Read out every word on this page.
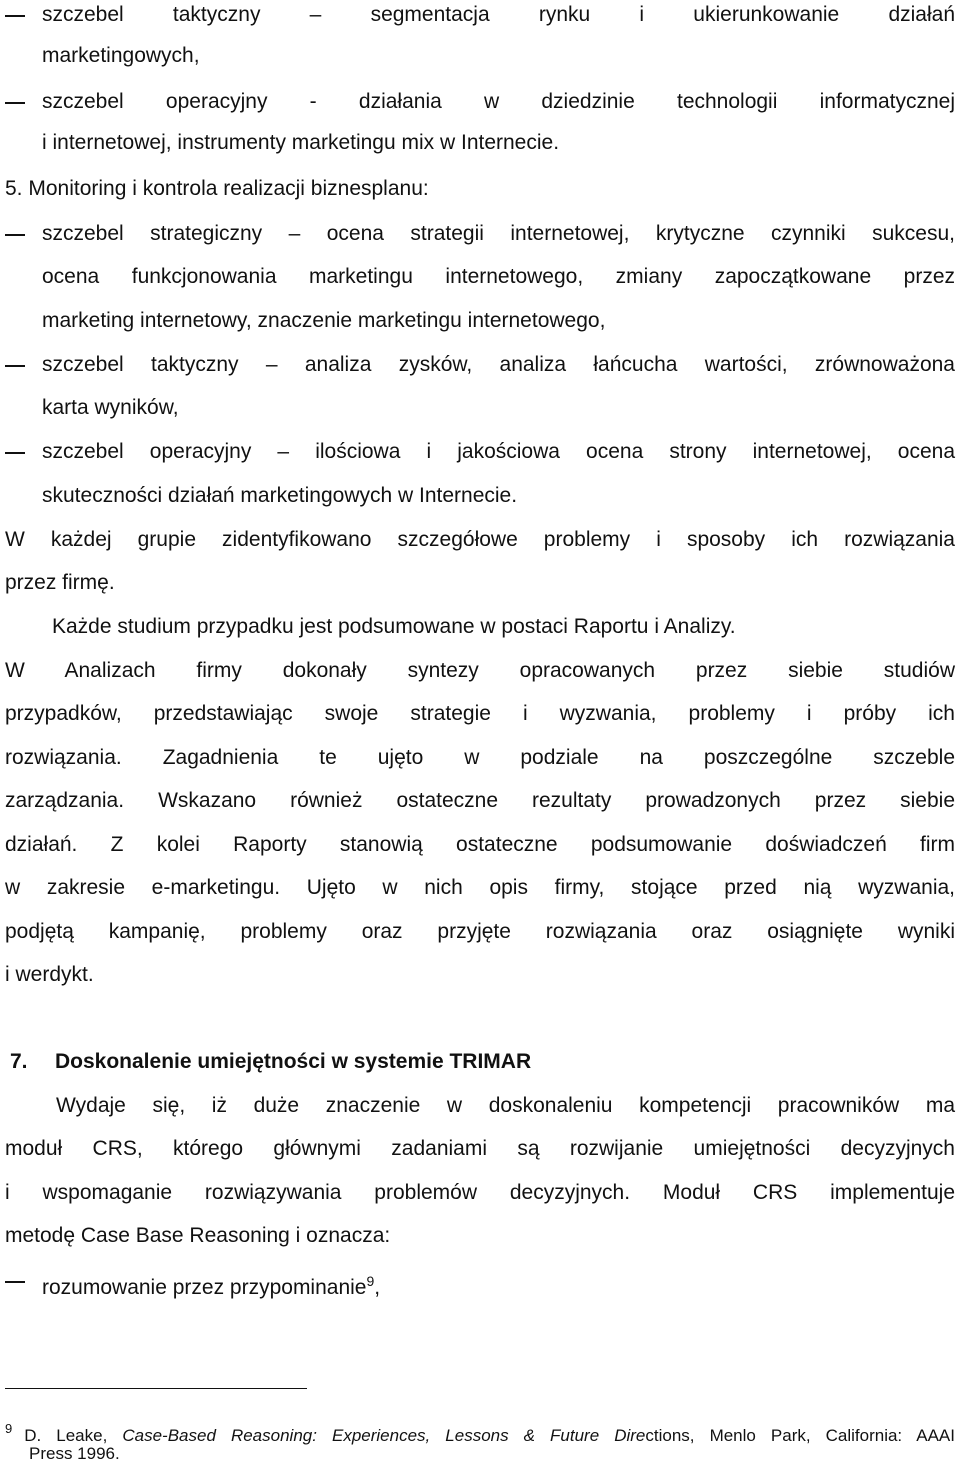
szczebel taktyczny – segmentacja rynku i ukierunkowanie działań
marketingowych,
szczebel operacyjny - działania w dziedzinie technologii informatycznej
i internetowej, instrumenty marketingu mix w Internecie.
5. Monitoring i kontrola realizacji biznesplanu:
szczebel strategiczny – ocena strategii internetowej, krytyczne czynniki sukcesu,
ocena funkcjonowania marketingu internetowego, zmiany zapoczątkowane przez
marketing internetowy, znaczenie marketingu internetowego,
szczebel taktyczny – analiza zysków, analiza łańcucha wartości, zrównoważona
karta wyników,
szczebel operacyjny – ilościowa i jakościowa ocena strony internetowej, ocena
skuteczności działań marketingowych w Internecie.
W każdej grupie zidentyfikowano szczegółowe problemy i sposoby ich rozwiązania
przez firmę.
Każde studium przypadku jest podsumowane w postaci Raportu i Analizy.
W Analizach firmy dokonały syntezy opracowanych przez siebie studiów
przypadków, przedstawiając swoje strategie i wyzwania, problemy i próby ich
rozwiązania. Zagadnienia te ujęto w podziale na poszczególne szczeble
zarządzania. Wskazano również ostateczne rezultaty prowadzonych przez siebie
działań. Z kolei Raporty stanowią ostateczne podsumowanie doświadczeń firm
w zakresie e-marketingu. Ujęto w nich opis firmy, stojące przed nią wyzwania,
podjętą kampanię, problemy oraz przyjęte rozwiązania oraz osiągnięte wyniki
i werdykt.
7. Doskonalenie umiejętności w systemie TRIMAR
Wydaje się, iż duże znaczenie w doskonaleniu kompetencji pracowników ma
moduł CRS, którego głównymi zadaniami są rozwijanie umiejętności decyzyjnych
i wspomaganie rozwiązywania problemów decyzyjnych. Moduł CRS implementuje
metodę Case Base Reasoning i oznacza:
rozumowanie przez przypominanie$^9$,
$^9$ D. Leake, Case-Based Reasoning: Experiences, Lessons & Future Directions, Menlo Park, California: AAAI
Press 1996.
